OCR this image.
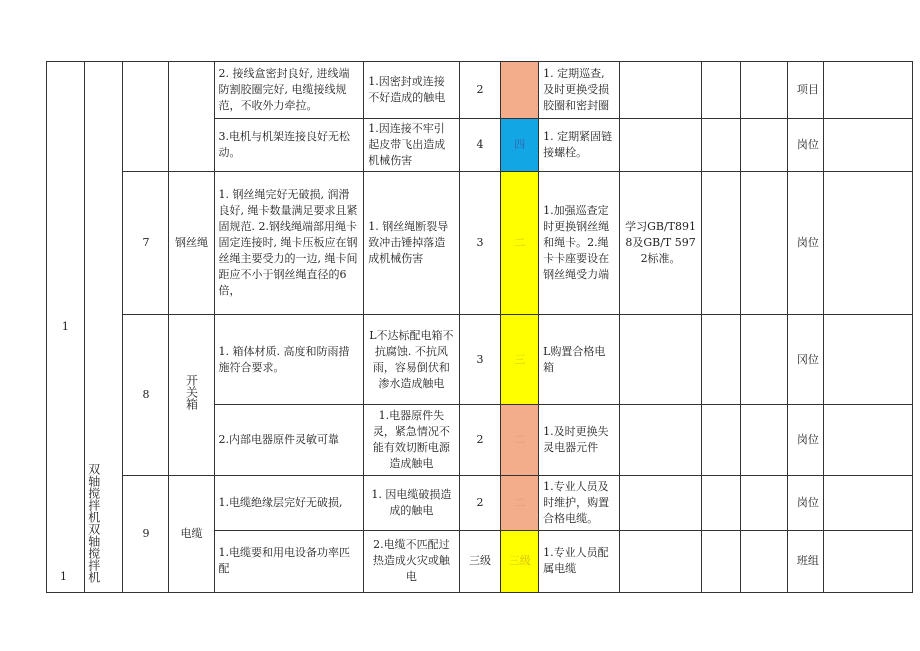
1	双轴搅拌机双轴搅拌机			2. 接线盒密封良好, 进线端防割胶圈完好, 电缆接线规范，不收外力牵拉。	1.因密封或连接不好造成的触电	2		1. 定期巡查, 及时更换受损胶圈和密封圈				项目	
				3.电机与机架连接良好无松动。	1.因连接不牢引起皮带飞出造成机械伤害	4	四	1. 定期紧固链接螺栓。				岗位	
		7	钢丝绳	1. 钢丝绳完好无破损, 润滑良好, 绳卡数量满足要求且紧固规范. 2.钢线绳端部用绳卡固定连接时, 绳卡压板应在钢丝绳主要受力的一边, 绳卡间距应不小于钢丝绳直径的6倍，	1. 钢丝绳断裂导致冲击锤掉落造成机械伤害	3	二	1.加强巡查定时更换钢丝绳和绳卡。2.绳卡卡座要设在钢丝绳受力端	学习GB/T8918及GB/T 5972标准。			岗位	
		8	开关箱	1. 箱体材质. 高度和防雨措施符合要求。	L不达标配电箱不抗腐蚀. 不抗风雨，容易倒伏和渗水造成触电	3	三	L购置合格电箱				冈位	
				2.内部电器原件灵敏可靠	1.电器原件失灵，紧急情况不能有效切断电源造成触电	2	二	1.及时更换失灵电器元件				岗位	
		9	电缆	1.电缆绝缘层完好无破损,	1. 因电缆破损造成的触电	2	二	1.专业人员及时维护，购置合格电缆。				岗位	
				1.电缆要和用电设备功率匹配	2.电缆不匹配过热造成火灾或触电	三级	三级	1.专业人员配属电缆				班组	
1
